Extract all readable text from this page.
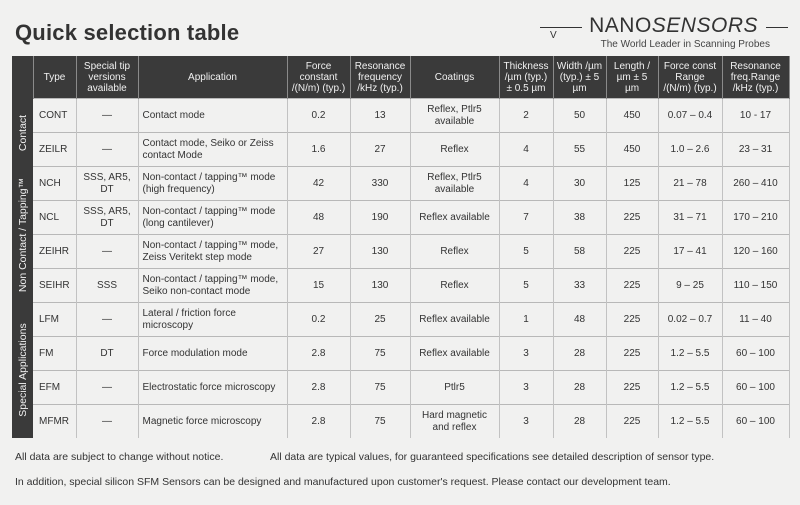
Quick selection table	V NANOSENSORS
The World Leader in Scanning Probes
	Type	Special tip versions available	Application	Force constant /(N/m) (typ.)	Resonance frequency /kHz (typ.)	Coatings	Thickness /µm (typ.) ± 0.5 µm	Width /µm (typ.) ± 5 µm	Length /µm ± 5 µm	Force const Range /(N/m) (typ.)	Resonance freq.Range /kHz (typ.)

Contact	CONT	—	Contact mode	0.2	13	Reflex, Ptlr5 available	2	50	450	0.07 – 0.4	10 - 17
	ZEILR	—	Contact mode, Seiko or Zeiss contact Mode	1.6	27	Reflex	4	55	450	1.0 – 2.6	23 – 31

Non Contact / Tapping™	NCH	SSS, AR5, DT	Non-contact / tapping™ mode (high frequency)	42	330	Reflex, Ptlr5 available	4	30	125	21 – 78	260 – 410
	NCL	SSS, AR5, DT	Non-contact / tapping™ mode (long cantilever)	48	190	Reflex available	7	38	225	31 – 71	170 – 210
	ZEIHR	—	Non-contact / tapping™ mode, Zeiss Veritekt step mode	27	130	Reflex	5	58	225	17 – 41	120 – 160
	SEIHR	SSS	Non-contact / tapping™ mode, Seiko non-contact mode	15	130	Reflex	5	33	225	9 – 25	110 – 150

Special Applications	LFM	—	Lateral / friction force microscopy	0.2	25	Reflex available	1	48	225	0.02 – 0.7	11 – 40
	FM	DT	Force modulation mode	2.8	75	Reflex available	3	28	225	1.2 – 5.5	60 – 100
	EFM	—	Electrostatic force microscopy	2.8	75	Ptlr5	3	28	225	1.2 – 5.5	60 – 100
	MFMR	—	Magnetic force microscopy	2.8	75	Hard magnetic and reflex	3	28	225	1.2 – 5.5	60 – 100
All data are subject to change without notice.	All data are typical values, for guaranteed specifications see detailed description of sensor type.
In addition, special silicon SFM Sensors can be designed and manufactured upon customer's request. Please contact our development team.
